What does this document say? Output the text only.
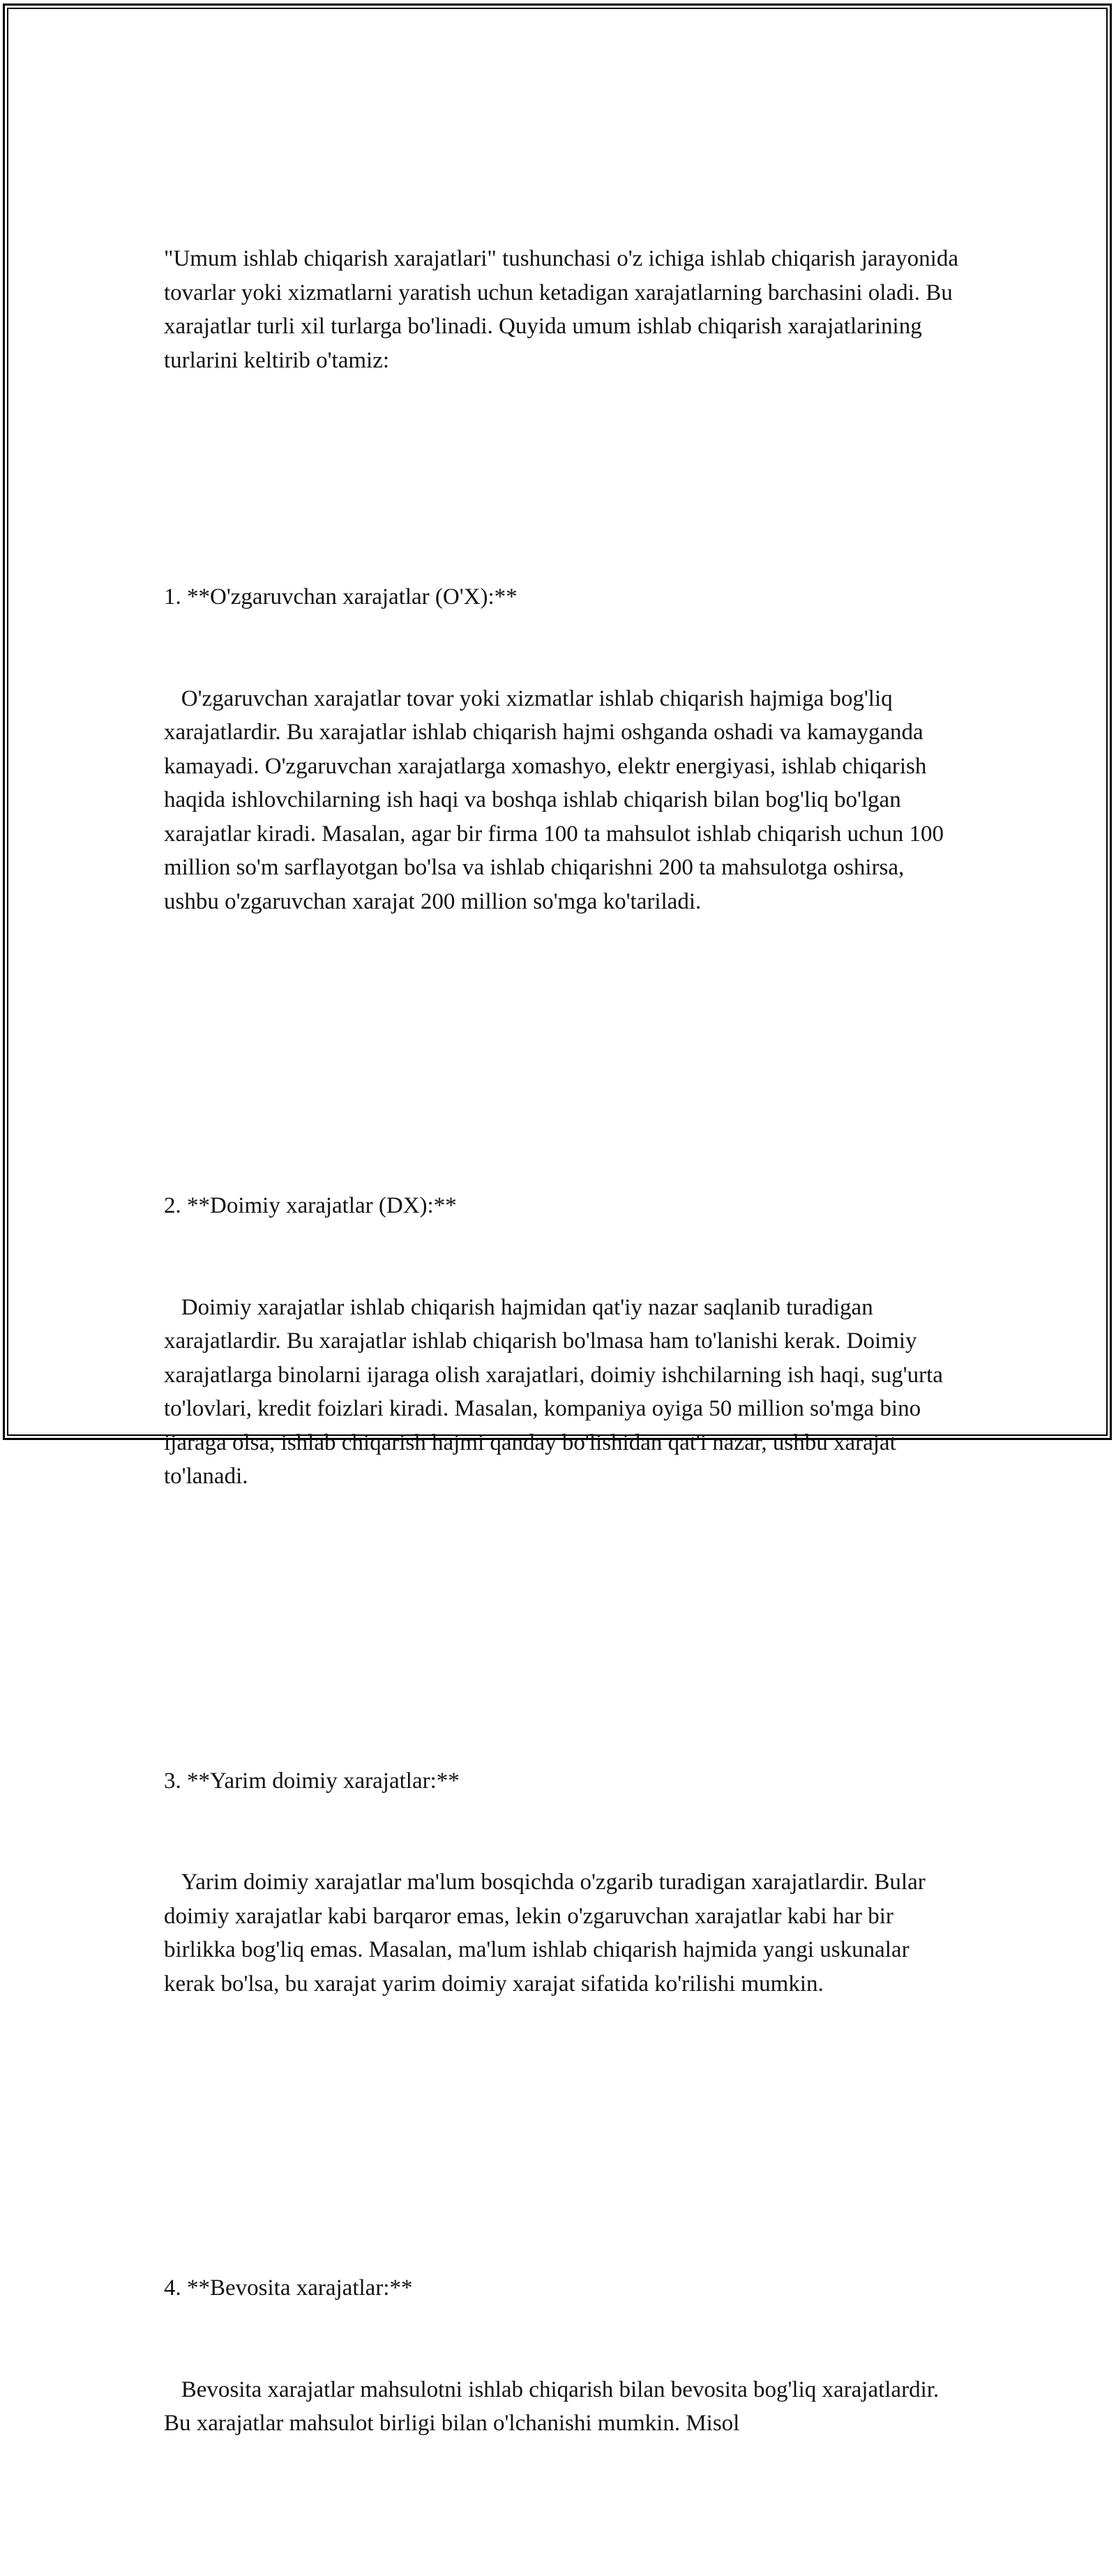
"Umum ishlab chiqarish xarajatlari" tushunchasi o'z ichiga ishlab chiqarish jarayonida tovarlar yoki xizmatlarni yaratish uchun ketadigan xarajatlarning barchasini oladi. Bu xarajatlar turli xil turlarga bo'linadi. Quyida umum ishlab chiqarish xarajatlarining turlarini keltirib o'tamiz:

1. **O'zgaruvchan xarajatlar (O'X):**

O'zgaruvchan xarajatlar tovar yoki xizmatlar ishlab chiqarish hajmiga bog'liq xarajatlardir. Bu xarajatlar ishlab chiqarish hajmi oshganda oshadi va kamayganda kamayadi. O'zgaruvchan xarajatlarga xomashyo, elektr energiyasi, ishlab chiqarish haqida ishlovchilarning ish haqi va boshqa ishlab chiqarish bilan bog'liq bo'lgan xarajatlar kiradi. Masalan, agar bir firma 100 ta mahsulot ishlab chiqarish uchun 100 million so'm sarflayotgan bo'lsa va ishlab chiqarishni 200 ta mahsulotga oshirsa, ushbu o'zgaruvchan xarajat 200 million so'mga ko'tariladi.

2. **Doimiy xarajatlar (DX):**

Doimiy xarajatlar ishlab chiqarish hajmidan qat'iy nazar saqlanib turadigan xarajatlardir. Bu xarajatlar ishlab chiqarish bo'lmasa ham to'lanishi kerak. Doimiy xarajatlarga binolarni ijaraga olish xarajatlari, doimiy ishchilarning ish haqi, sug'urta to'lovlari, kredit foizlari kiradi. Masalan, kompaniya oyiga 50 million so'mga bino ijaraga olsa, ishlab chiqarish hajmi qanday bo'lishidan qat'i nazar, ushbu xarajat to'lanadi.

3. **Yarim doimiy xarajatlar:**

Yarim doimiy xarajatlar ma'lum bosqichda o'zgarib turadigan xarajatlardir. Bular doimiy xarajatlar kabi barqaror emas, lekin o'zgaruvchan xarajatlar kabi har bir birlikka bog'liq emas. Masalan, ma'lum ishlab chiqarish hajmida yangi uskunalar kerak bo'lsa, bu xarajat yarim doimiy xarajat sifatida ko'rilishi mumkin.

4. **Bevosita xarajatlar:**

Bevosita xarajatlar mahsulotni ishlab chiqarish bilan bevosita bog'liq xarajatlardir. Bu xarajatlar mahsulot birligi bilan o'lchanishi mumkin. Misol
